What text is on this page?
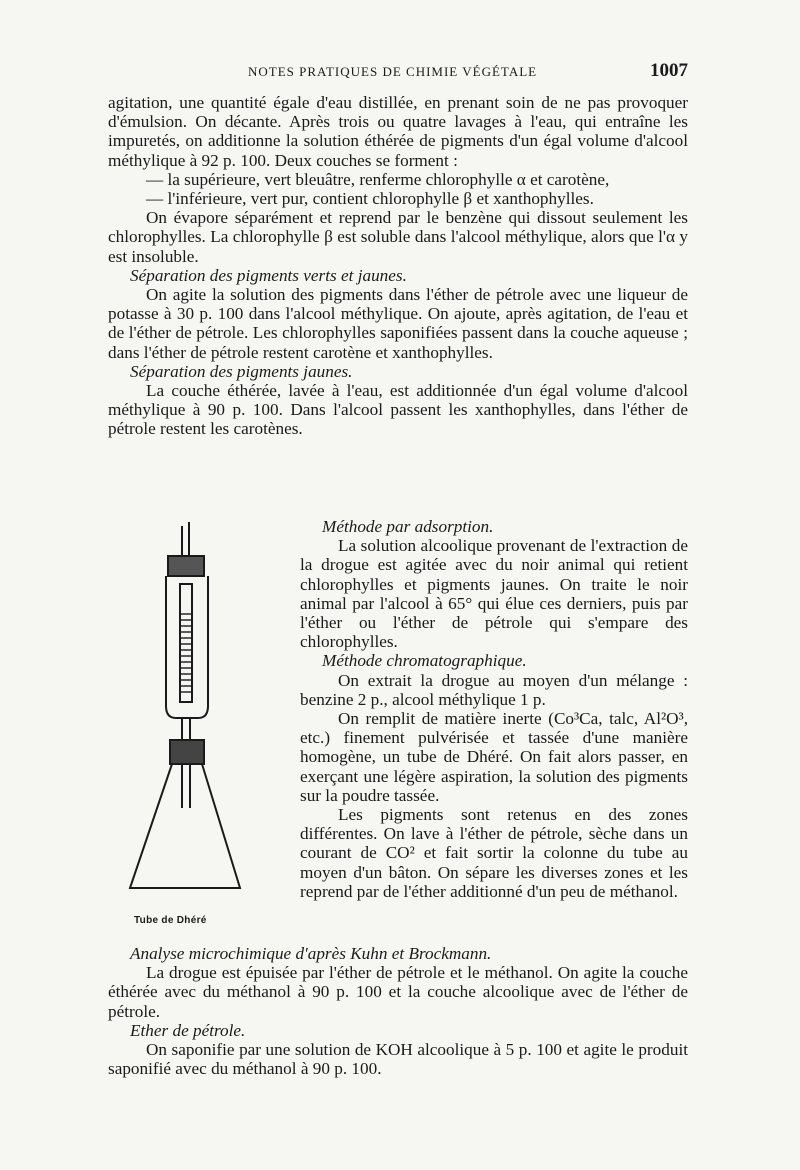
NOTES PRATIQUES DE CHIMIE VÉGÉTALE	1007

agitation, une quantité égale d'eau distillée, en prenant soin de ne pas provoquer d'émulsion. On décante. Après trois ou quatre lavages à l'eau, qui entraîne les impuretés, on additionne la solution éthérée de pigments d'un égal volume d'alcool méthylique à 92 p. 100. Deux couches se forment :

— la supérieure, vert bleuâtre, renferme chlorophylle α et carotène,

— l'inférieure, vert pur, contient chlorophylle β et xanthophylles.

On évapore séparément et reprend par le benzène qui dissout seulement les chlorophylles. La chlorophylle β est soluble dans l'alcool méthylique, alors que l'α y est insoluble.

Séparation des pigments verts et jaunes.

On agite la solution des pigments dans l'éther de pétrole avec une liqueur de potasse à 30 p. 100 dans l'alcool méthylique. On ajoute, après agitation, de l'eau et de l'éther de pétrole. Les chlorophylles saponifiées passent dans la couche aqueuse ; dans l'éther de pétrole restent carotène et xanthophylles.

Séparation des pigments jaunes.

La couche éthérée, lavée à l'eau, est additionnée d'un égal volume d'alcool méthylique à 90 p. 100. Dans l'alcool passent les xanthophylles, dans l'éther de pétrole restent les carotènes.

Tube de Dhéré

Méthode par adsorption.

La solution alcoolique provenant de l'extraction de la drogue est agitée avec du noir animal qui retient chlorophylles et pigments jaunes. On traite le noir animal par l'alcool à 65° qui élue ces derniers, puis par l'éther ou l'éther de pétrole qui s'empare des chlorophylles.

Méthode chromatographique.

On extrait la drogue au moyen d'un mélange : benzine 2 p., alcool méthylique 1 p.

On remplit de matière inerte (Co³Ca, talc, Al²O³, etc.) finement pulvérisée et tassée d'une manière homogène, un tube de Dhéré. On fait alors passer, en exerçant une légère aspiration, la solution des pigments sur la poudre tassée.

Les pigments sont retenus en des zones différentes. On lave à l'éther de pétrole, sèche dans un courant de CO² et fait sortir la colonne du tube au moyen d'un bâton. On sépare les diverses zones et les reprend par de l'éther additionné d'un peu de méthanol.

Analyse microchimique d'après Kuhn et Brockmann.

La drogue est épuisée par l'éther de pétrole et le méthanol. On agite la couche éthérée avec du méthanol à 90 p. 100 et la couche alcoolique avec de l'éther de pétrole.

Ether de pétrole.

On saponifie par une solution de KOH alcoolique à 5 p. 100 et agite le produit saponifié avec du méthanol à 90 p. 100.
